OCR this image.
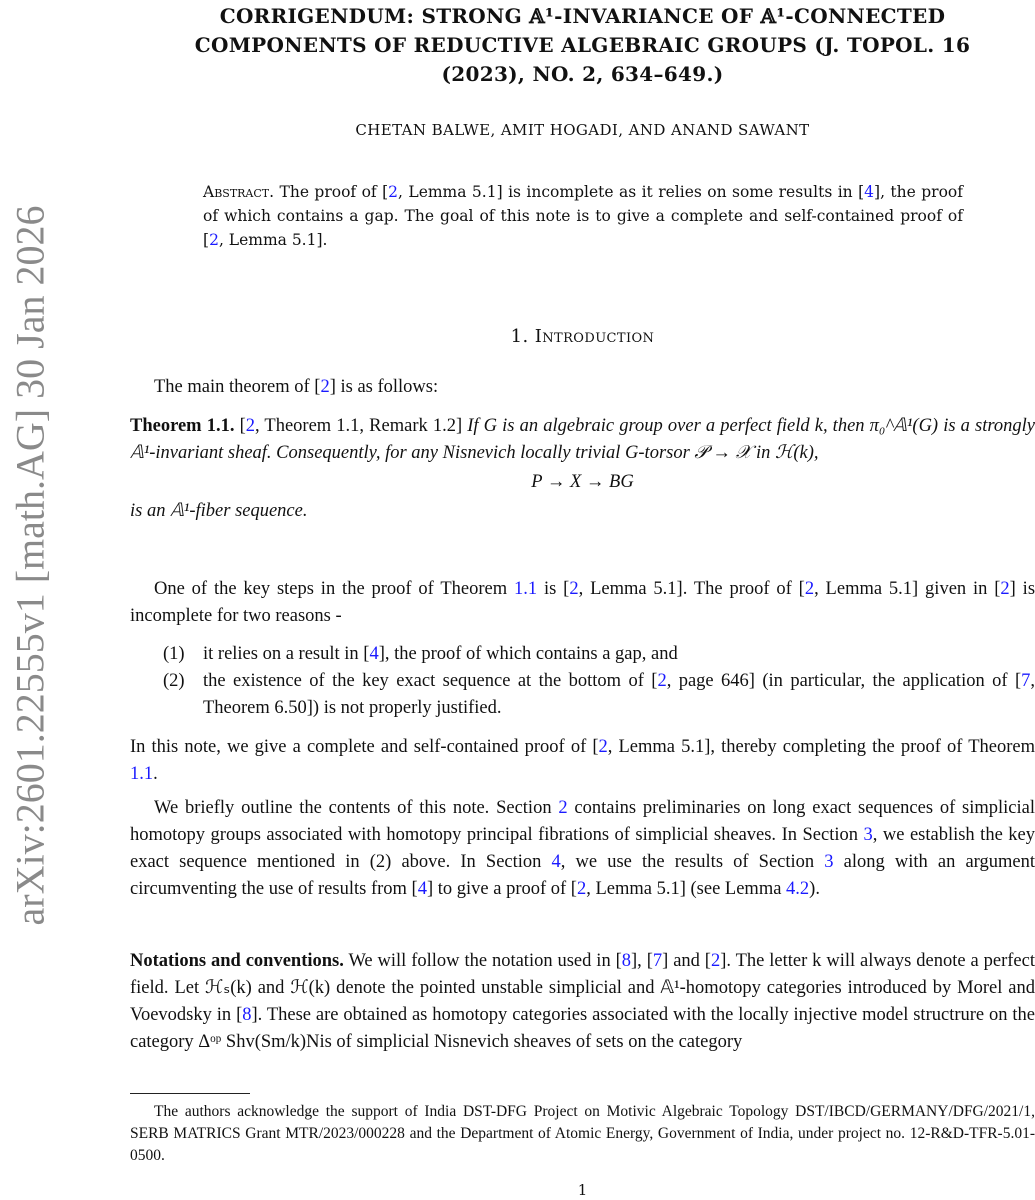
arXiv:2601.22555v1 [math.AG] 30 Jan 2026
CORRIGENDUM: STRONG 𝔸¹-INVARIANCE OF 𝔸¹-CONNECTED
COMPONENTS OF REDUCTIVE ALGEBRAIC GROUPS (J. TOPOL. 16
(2023), NO. 2, 634–649.)
CHETAN BALWE, AMIT HOGADI, AND ANAND SAWANT
Abstract. The proof of [2, Lemma 5.1] is incomplete as it relies on some results in [4], the proof of which contains a gap. The goal of this note is to give a complete and self-contained proof of [2, Lemma 5.1].
1. Introduction
The main theorem of [2] is as follows:
Theorem 1.1. [2, Theorem 1.1, Remark 1.2] If G is an algebraic group over a perfect field k, then π₀^𝔸¹(G) is a strongly 𝔸¹-invariant sheaf. Consequently, for any Nisnevich locally trivial G-torsor 𝒫 → 𝒳 in ℋ(k),
P → X → BG
is an 𝔸¹-fiber sequence.
One of the key steps in the proof of Theorem 1.1 is [2, Lemma 5.1]. The proof of [2, Lemma 5.1] given in [2] is incomplete for two reasons -
(1) it relies on a result in [4], the proof of which contains a gap, and
(2) the existence of the key exact sequence at the bottom of [2, page 646] (in particular, the application of [7, Theorem 6.50]) is not properly justified.
In this note, we give a complete and self-contained proof of [2, Lemma 5.1], thereby completing the proof of Theorem 1.1.
We briefly outline the contents of this note. Section 2 contains preliminaries on long exact sequences of simplicial homotopy groups associated with homotopy principal fibrations of simplicial sheaves. In Section 3, we establish the key exact sequence mentioned in (2) above. In Section 4, we use the results of Section 3 along with an argument circumventing the use of results from [4] to give a proof of [2, Lemma 5.1] (see Lemma 4.2).
Notations and conventions. We will follow the notation used in [8], [7] and [2]. The letter k will always denote a perfect field. Let ℋₛ(k) and ℋ(k) denote the pointed unstable simplicial and 𝔸¹-homotopy categories introduced by Morel and Voevodsky in [8]. These are obtained as homotopy categories associated with the locally injective model structrure on the category Δᵒᵖ Shv(Sm/k)Nis of simplicial Nisnevich sheaves of sets on the category
The authors acknowledge the support of India DST-DFG Project on Motivic Algebraic Topology DST/IBCD/GERMANY/DFG/2021/1, SERB MATRICS Grant MTR/2023/000228 and the Department of Atomic Energy, Government of India, under project no. 12-R&D-TFR-5.01-0500.
1
